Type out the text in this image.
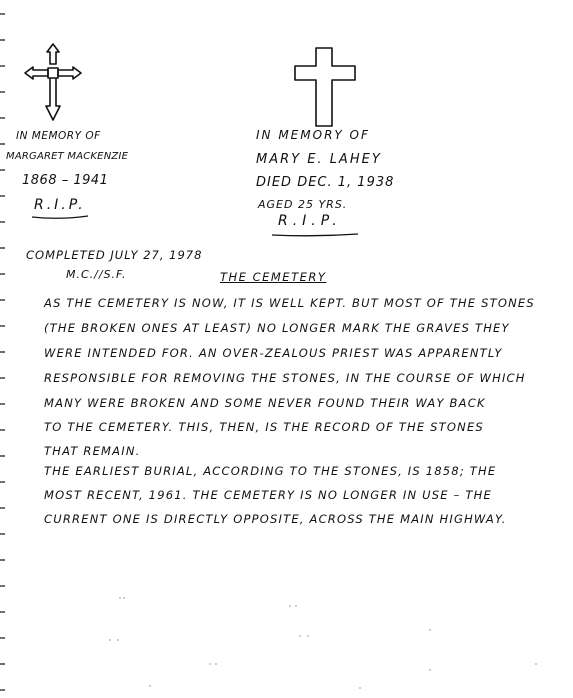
IN MEMORY OF
MARGARET MACKENZIE
1868 – 1941
R.I.P.
IN MEMORY OF
MARY E. LAHEY
DIED DEC. 1, 1938
AGED 25 YRS.
R.I.P.
COMPLETED JULY 27, 1978
M.C.//S.F.	THE CEMETERY
AS THE CEMETERY IS NOW, IT IS WELL KEPT. BUT MOST OF THE STONES
(THE BROKEN ONES AT LEAST) NO LONGER MARK THE GRAVES THEY
WERE INTENDED FOR. AN OVER-ZEALOUS PRIEST WAS APPARENTLY
RESPONSIBLE FOR REMOVING THE STONES, IN THE COURSE OF WHICH
MANY WERE BROKEN AND SOME NEVER FOUND THEIR WAY BACK
TO THE CEMETERY. THIS, THEN, IS THE RECORD OF THE STONES
THAT REMAIN.
THE EARLIEST BURIAL, ACCORDING TO THE STONES, IS 1858; THE
MOST RECENT, 1961. THE CEMETERY IS NO LONGER IN USE – THE
CURRENT ONE IS DIRECTLY OPPOSITE, ACROSS THE MAIN HIGHWAY.
